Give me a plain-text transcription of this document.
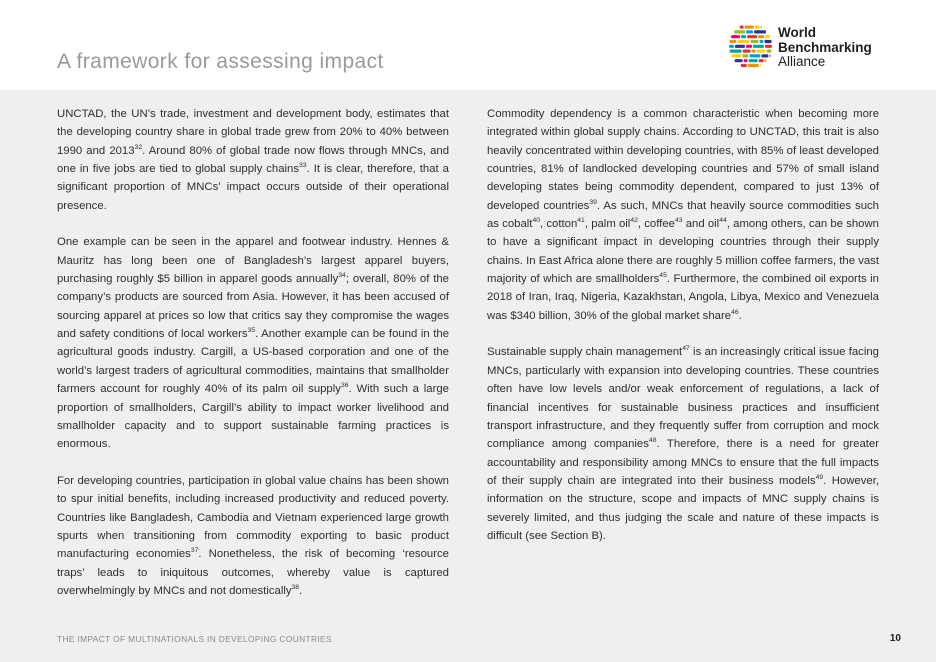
A framework for assessing impact
World
Benchmarking
Alliance

UNCTAD, the UN’s trade, investment and development body, estimates that the developing country share in global trade grew from 20% to 40% between 1990 and 2013$^{32}$. Around 80% of global trade now flows through MNCs, and one in five jobs are tied to global supply chains$^{33}$. It is clear, therefore, that a significant proportion of MNCs’ impact occurs outside of their operational presence.

One example can be seen in the apparel and footwear industry. Hennes & Mauritz has long been one of Bangladesh’s largest apparel buyers, purchasing roughly $5 billion in apparel goods annually$^{34}$; overall, 80% of the company’s products are sourced from Asia. However, it has been accused of sourcing apparel at prices so low that critics say they compromise the wages and safety conditions of local workers$^{35}$. Another example can be found in the agricultural goods industry. Cargill, a US-based corporation and one of the world’s largest traders of agricultural commodities, maintains that smallholder farmers account for roughly 40% of its palm oil supply$^{36}$. With such a large proportion of smallholders, Cargill’s ability to impact worker livelihood and smallholder capacity and to support sustainable farming practices is enormous.

For developing countries, participation in global value chains has been shown to spur initial benefits, including increased productivity and reduced poverty. Countries like Bangladesh, Cambodia and Vietnam experienced large growth spurts when transitioning from commodity exporting to basic product manufacturing economies$^{37}$. Nonetheless, the risk of becoming ‘resource traps’ leads to iniquitous outcomes, whereby value is captured overwhelmingly by MNCs and not domestically$^{38}$.

Commodity dependency is a common characteristic when becoming more integrated within global supply chains. According to UNCTAD, this trait is also heavily concentrated within developing countries, with 85% of least developed countries, 81% of landlocked developing countries and 57% of small island developing states being commodity dependent, compared to just 13% of developed countries$^{39}$. As such, MNCs that heavily source commodities such as cobalt$^{40}$, cotton$^{41}$, palm oil$^{42}$, coffee$^{43}$ and oil$^{44}$, among others, can be shown to have a significant impact in developing countries through their supply chains. In East Africa alone there are roughly 5 million coffee farmers, the vast majority of which are smallholders$^{45}$. Furthermore, the combined oil exports in 2018 of Iran, Iraq, Nigeria, Kazakhstan, Angola, Libya, Mexico and Venezuela was $340 billion, 30% of the global market share$^{46}$.

Sustainable supply chain management$^{47}$ is an increasingly critical issue facing MNCs, particularly with expansion into developing countries. These countries often have low levels and/or weak enforcement of regulations, a lack of financial incentives for sustainable business practices and insufficient transport infrastructure, and they frequently suffer from corruption and mock compliance among companies$^{48}$. Therefore, there is a need for greater accountability and responsibility among MNCs to ensure that the full impacts of their supply chain are integrated into their business models$^{49}$. However, information on the structure, scope and impacts of MNC supply chains is severely limited, and thus judging the scale and nature of these impacts is difficult (see Section B).

THE IMPACT OF MULTINATIONALS IN DEVELOPING COUNTRIES	10
